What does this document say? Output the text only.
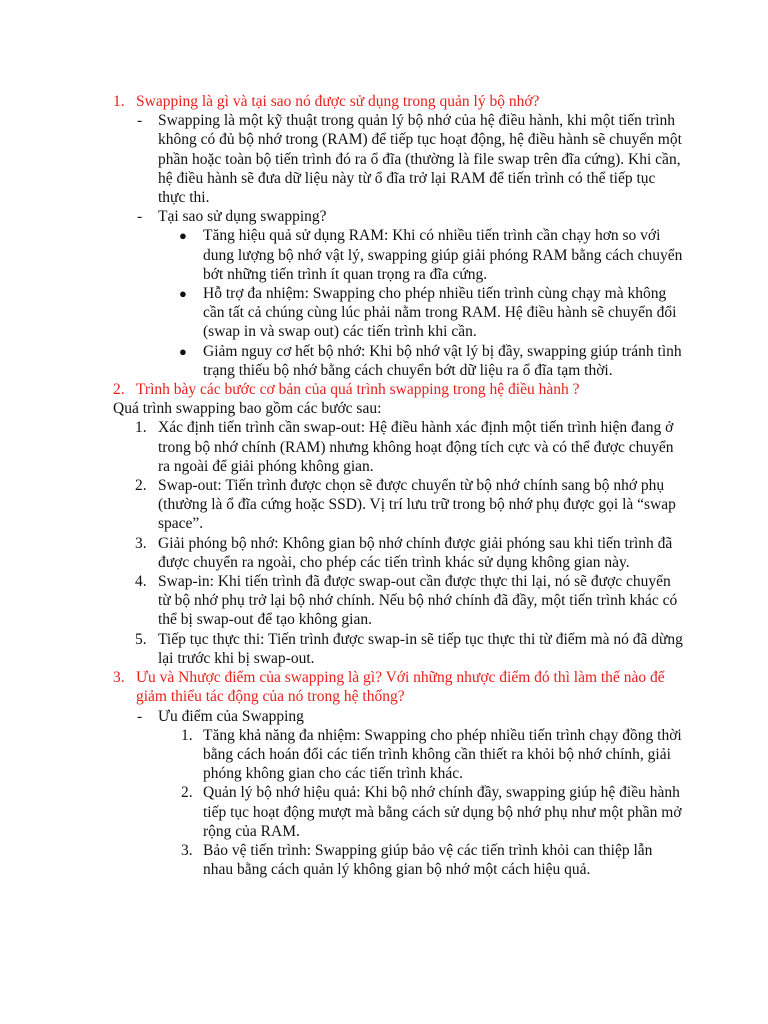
1. Swapping là gì và tại sao nó được sử dụng trong quản lý bộ nhớ?
- Swapping là một kỹ thuật trong quản lý bộ nhớ của hệ điều hành, khi một tiến trình không có đủ bộ nhớ trong (RAM) để tiếp tục hoạt động, hệ điều hành sẽ chuyển một phần hoặc toàn bộ tiến trình đó ra ổ đĩa (thường là file swap trên đĩa cứng). Khi cần, hệ điều hành sẽ đưa dữ liệu này từ ổ đĩa trở lại RAM để tiến trình có thể tiếp tục thực thi.
- Tại sao sử dụng swapping?
● Tăng hiệu quả sử dụng RAM: Khi có nhiều tiến trình cần chạy hơn so với dung lượng bộ nhớ vật lý, swapping giúp giải phóng RAM bằng cách chuyển bớt những tiến trình ít quan trọng ra đĩa cứng.
● Hỗ trợ đa nhiệm: Swapping cho phép nhiều tiến trình cùng chạy mà không cần tất cả chúng cùng lúc phải nằm trong RAM. Hệ điều hành sẽ chuyển đổi (swap in và swap out) các tiến trình khi cần.
● Giảm nguy cơ hết bộ nhớ: Khi bộ nhớ vật lý bị đầy, swapping giúp tránh tình trạng thiếu bộ nhớ bằng cách chuyển bớt dữ liệu ra ổ đĩa tạm thời.
2. Trình bày các bước cơ bản của quá trình swapping trong hệ điều hành ?
Quá trình swapping bao gồm các bước sau:
1. Xác định tiến trình cần swap-out: Hệ điều hành xác định một tiến trình hiện đang ở trong bộ nhớ chính (RAM) nhưng không hoạt động tích cực và có thể được chuyển ra ngoài để giải phóng không gian.
2. Swap-out: Tiến trình được chọn sẽ được chuyển từ bộ nhớ chính sang bộ nhớ phụ (thường là ổ đĩa cứng hoặc SSD). Vị trí lưu trữ trong bộ nhớ phụ được gọi là “swap space”.
3. Giải phóng bộ nhớ: Không gian bộ nhớ chính được giải phóng sau khi tiến trình đã được chuyển ra ngoài, cho phép các tiến trình khác sử dụng không gian này.
4. Swap-in: Khi tiến trình đã được swap-out cần được thực thi lại, nó sẽ được chuyển từ bộ nhớ phụ trở lại bộ nhớ chính. Nếu bộ nhớ chính đã đầy, một tiến trình khác có thể bị swap-out để tạo không gian.
5. Tiếp tục thực thi: Tiến trình được swap-in sẽ tiếp tục thực thi từ điểm mà nó đã dừng lại trước khi bị swap-out.
3. Ưu và Nhược điểm của swapping là gì? Với những nhược điểm đó thì làm thế nào để giảm thiểu tác động của nó trong hệ thống?
- Ưu điểm của Swapping
1. Tăng khả năng đa nhiệm: Swapping cho phép nhiều tiến trình chạy đồng thời bằng cách hoán đổi các tiến trình không cần thiết ra khỏi bộ nhớ chính, giải phóng không gian cho các tiến trình khác.
2. Quản lý bộ nhớ hiệu quả: Khi bộ nhớ chính đầy, swapping giúp hệ điều hành tiếp tục hoạt động mượt mà bằng cách sử dụng bộ nhớ phụ như một phần mở rộng của RAM.
3. Bảo vệ tiến trình: Swapping giúp bảo vệ các tiến trình khỏi can thiệp lẫn nhau bằng cách quản lý không gian bộ nhớ một cách hiệu quả.
